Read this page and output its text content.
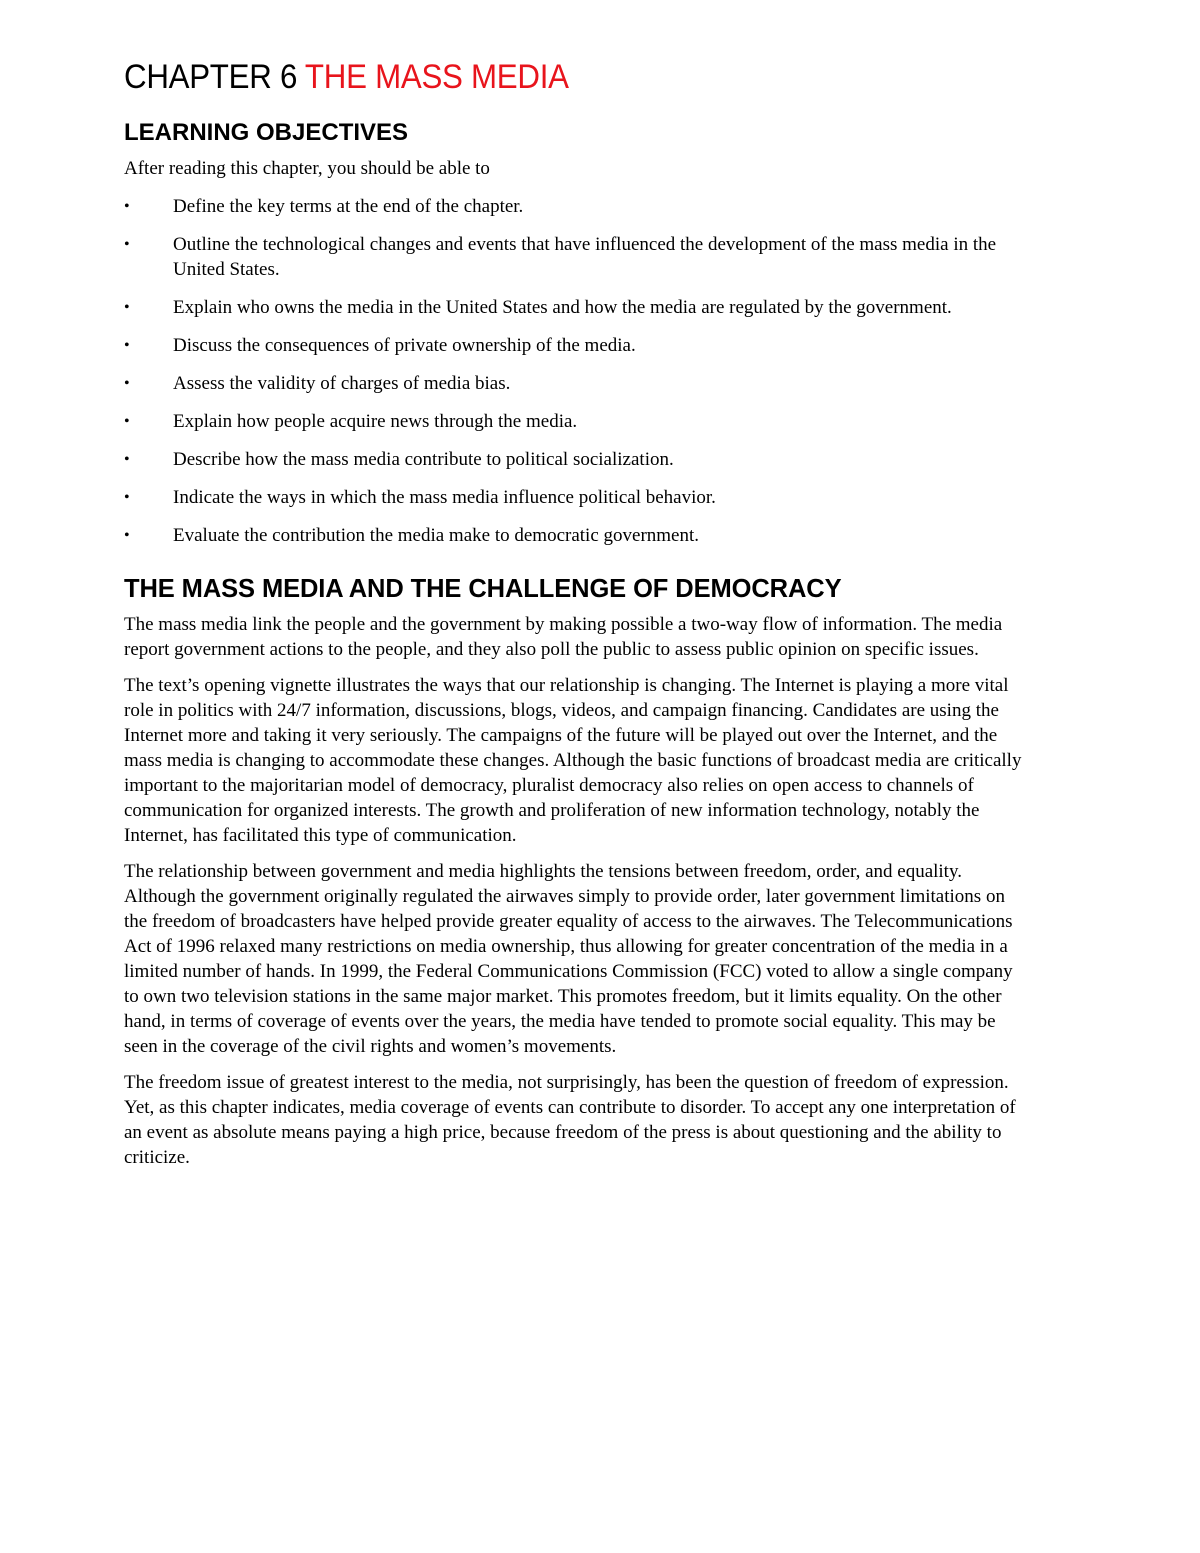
CHAPTER 6 THE MASS MEDIA
LEARNING OBJECTIVES

After reading this chapter, you should be able to

•	Define the key terms at the end of the chapter.
•	Outline the technological changes and events that have influenced the development of the mass media in the United States.
•	Explain who owns the media in the United States and how the media are regulated by the government.
•	Discuss the consequences of private ownership of the media.
•	Assess the validity of charges of media bias.
•	Explain how people acquire news through the media.
•	Describe how the mass media contribute to political socialization.
•	Indicate the ways in which the mass media influence political behavior.
•	Evaluate the contribution the media make to democratic government.
THE MASS MEDIA AND THE CHALLENGE OF DEMOCRACY

The mass media link the people and the government by making possible a two-way flow of information. The media report government actions to the people, and they also poll the public to assess public opinion on specific issues.

The text’s opening vignette illustrates the ways that our relationship is changing. The Internet is playing a more vital role in politics with 24/7 information, discussions, blogs, videos, and campaign financing. Candidates are using the Internet more and taking it very seriously. The campaigns of the future will be played out over the Internet, and the mass media is changing to accommodate these changes. Although the basic functions of broadcast media are critically important to the majoritarian model of democracy, pluralist democracy also relies on open access to channels of communication for organized interests. The growth and proliferation of new information technology, notably the Internet, has facilitated this type of communication.

The relationship between government and media highlights the tensions between freedom, order, and equality. Although the government originally regulated the airwaves simply to provide order, later government limitations on the freedom of broadcasters have helped provide greater equality of access to the airwaves. The Telecommunications Act of 1996 relaxed many restrictions on media ownership, thus allowing for greater concentration of the media in a limited number of hands. In 1999, the Federal Communications Commission (FCC) voted to allow a single company to own two television stations in the same major market. This promotes freedom, but it limits equality. On the other hand, in terms of coverage of events over the years, the media have tended to promote social equality. This may be seen in the coverage of the civil rights and women’s movements.

The freedom issue of greatest interest to the media, not surprisingly, has been the question of freedom of expression. Yet, as this chapter indicates, media coverage of events can contribute to disorder. To accept any one interpretation of an event as absolute means paying a high price, because freedom of the press is about questioning and the ability to criticize.
